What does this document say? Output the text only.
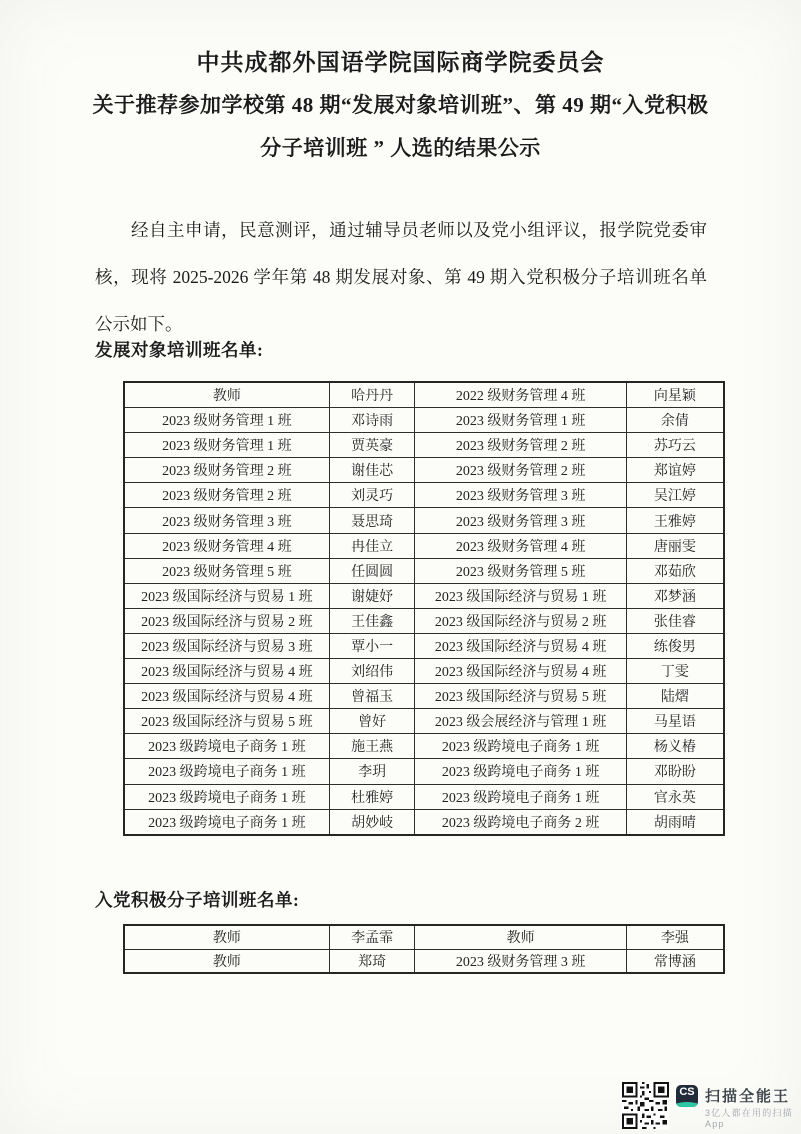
中共成都外国语学院国际商学院委员会
关于推荐参加学校第 48 期“发展对象培训班”、第 49 期“入党积极
分子培训班 ” 人选的结果公示
经自主申请，民意测评，通过辅导员老师以及党小组评议，报学院党委审
核，现将 2025-2026 学年第 48 期发展对象、第 49 期入党积极分子培训班名单
公示如下。
发展对象培训班名单:
教师	哈丹丹	2022 级财务管理 4 班	向星颖
2023 级财务管理 1 班	邓诗雨	2023 级财务管理 1 班	余倩
2023 级财务管理 1 班	贾英豪	2023 级财务管理 2 班	苏巧云
2023 级财务管理 2 班	谢佳芯	2023 级财务管理 2 班	郑谊婷
2023 级财务管理 2 班	刘灵巧	2023 级财务管理 3 班	吴江婷
2023 级财务管理 3 班	聂思琦	2023 级财务管理 3 班	王雅婷
2023 级财务管理 4 班	冉佳立	2023 级财务管理 4 班	唐丽雯
2023 级财务管理 5 班	任圆圆	2023 级财务管理 5 班	邓茹欣
2023 级国际经济与贸易 1 班	谢婕妤	2023 级国际经济与贸易 1 班	邓梦涵
2023 级国际经济与贸易 2 班	王佳鑫	2023 级国际经济与贸易 2 班	张佳睿
2023 级国际经济与贸易 3 班	覃小一	2023 级国际经济与贸易 4 班	练俊男
2023 级国际经济与贸易 4 班	刘绍伟	2023 级国际经济与贸易 4 班	丁雯
2023 级国际经济与贸易 4 班	曾福玉	2023 级国际经济与贸易 5 班	陆熠
2023 级国际经济与贸易 5 班	曾好	2023 级会展经济与管理 1 班	马星语
2023 级跨境电子商务 1 班	施王燕	2023 级跨境电子商务 1 班	杨义椿
2023 级跨境电子商务 1 班	李玥	2023 级跨境电子商务 1 班	邓盼盼
2023 级跨境电子商务 1 班	杜雅婷	2023 级跨境电子商务 1 班	官永英
2023 级跨境电子商务 1 班	胡妙岐	2023 级跨境电子商务 2 班	胡雨晴
入党积极分子培训班名单:
教师	李孟霏	教师	李强
教师	郑琦	2023 级财务管理 3 班	常博涵
CS 扫描全能王
3亿人都在用的扫描App
